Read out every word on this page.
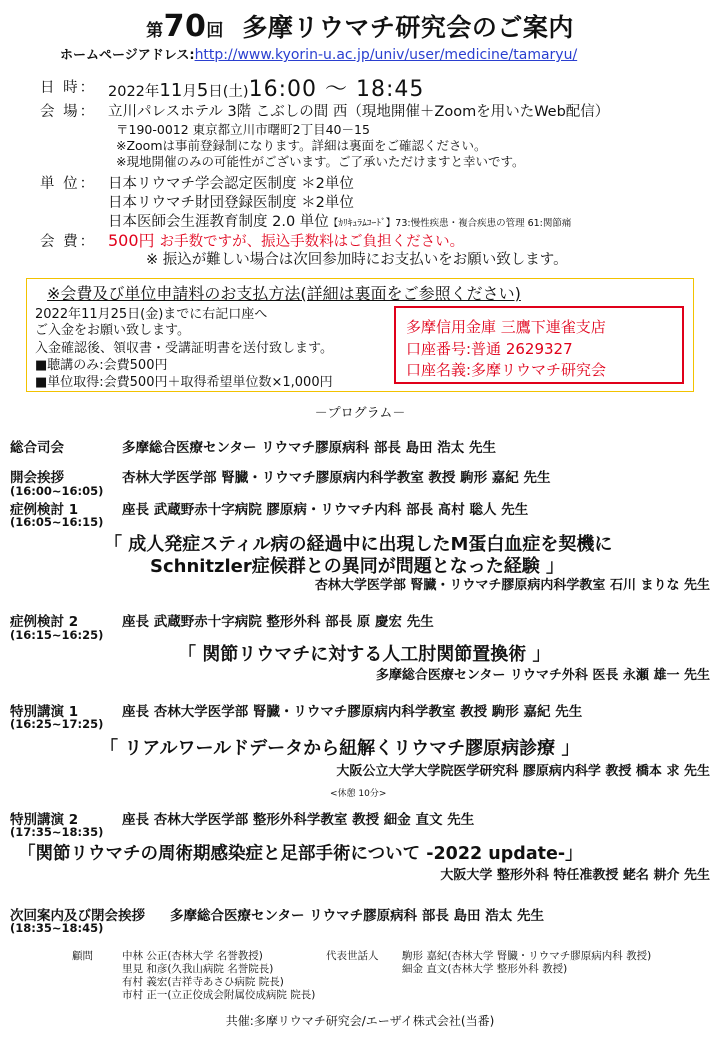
第70回 多摩リウマチ研究会のご案内
ホームページアドレス:http://www.kyorin-u.ac.jp/univ/user/medicine/tamaryu/
日 時： 2022年11月5日(土)16:00 ～ 18:45
会 場： 立川パレスホテル 3階 こぶしの間 西（現地開催＋Zoomを用いたWeb配信）
〒190-0012 東京都立川市曙町2丁目40－15
※Zoomは事前登録制になります。詳細は裏面をご確認ください。
※現地開催のみの可能性がございます。ご了承いただけますと幸いです。
単 位： 日本リウマチ学会認定医制度 ＊2単位
日本リウマチ財団登録医制度 ＊2単位
日本医師会生涯教育制度 2.0 単位【ｶﾘｷｭﾗﾑｺｰﾄﾞ】73:慢性疾患・複合疾患の管理 61:関節痛
会 費： 500円 お手数ですが、振込手数料はご負担ください。
※ 振込が難しい場合は次回参加時にお支払いをお願い致します。
※会費及び単位申請料のお支払方法(詳細は裏面をご参照ください)
2022年11月25日(金)までに右記口座へ
ご入金をお願い致します。
入金確認後、領収書・受講証明書を送付致します。
■聴講のみ:会費500円
■単位取得:会費500円＋取得希望単位数×1,000円
多摩信用金庫 三鷹下連雀支店
口座番号:普通 2629327
口座名義:多摩リウマチ研究会
－プログラム－
総合司会	多摩総合医療センター リウマチ膠原病科 部長 島田 浩太 先生
開会挨拶	杏林大学医学部 腎臓・リウマチ膠原病内科学教室 教授 駒形 嘉紀 先生
(16:00~16:05)
症例検討 1	座長 武蔵野赤十字病院 膠原病・リウマチ内科 部長 髙村 聡人 先生
(16:05~16:15)
「 成人発症スティル病の経過中に出現したM蛋白血症を契機に
Schnitzler症候群との異同が問題となった経験 」
杏林大学医学部 腎臓・リウマチ膠原病内科学教室 石川 まりな 先生
症例検討 2	座長 武蔵野赤十字病院 整形外科 部長 原 慶宏 先生
(16:15~16:25)
「 関節リウマチに対する人工肘関節置換術 」
多摩総合医療センター リウマチ外科 医長 永瀬 雄一 先生
特別講演 1	座長 杏林大学医学部 腎臓・リウマチ膠原病内科学教室 教授 駒形 嘉紀 先生
(16:25~17:25)
「 リアルワールドデータから紐解くリウマチ膠原病診療 」
大阪公立大学大学院医学研究科 膠原病内科学 教授 橋本 求 先生
<休憩 10分>
特別講演 2	座長 杏林大学医学部 整形外科学教室 教授 細金 直文 先生
(17:35~18:35)
「関節リウマチの周術期感染症と足部手術について -2022 update-」
大阪大学 整形外科 特任准教授 蛯名 耕介 先生
次回案内及び閉会挨拶 多摩総合医療センター リウマチ膠原病科 部長 島田 浩太 先生
(18:35~18:45)
顧問	中林 公正(杏林大学 名誉教授)
里見 和彦(久我山病院 名誉院長)
有村 義宏(吉祥寺あさひ病院 院長)
市村 正一(立正佼成会附属佼成病院 院長)
代表世話人 駒形 嘉紀(杏林大学 腎臓・リウマチ膠原病内科 教授)
細金 直文(杏林大学 整形外科 教授)
共催:多摩リウマチ研究会/エーザイ株式会社(当番)
